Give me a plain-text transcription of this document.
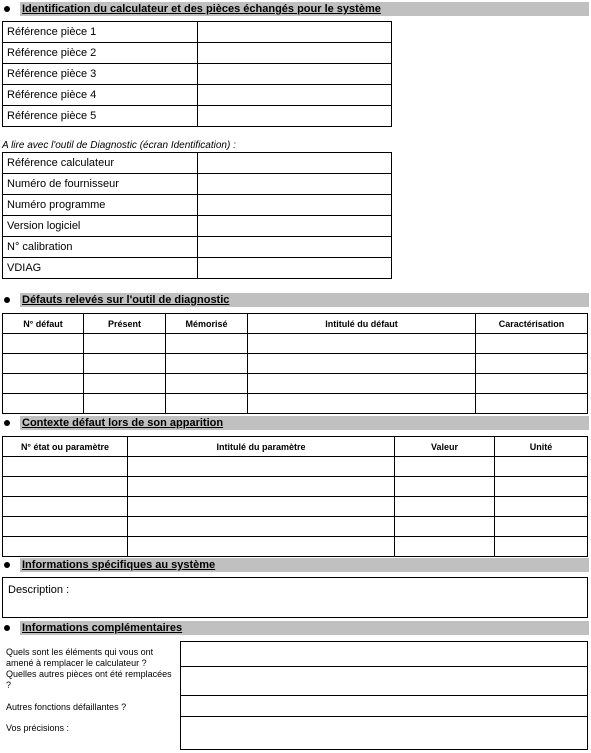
Identification du calculateur et des pièces échangés pour le système
Référence pièce 1	
Référence pièce 2	
Référence pièce 3	
Référence pièce 4	
Référence pièce 5	
A lire avec l'outil de Diagnostic (écran Identification) :
Référence calculateur	
Numéro de fournisseur	
Numéro programme	
Version logiciel	
N° calibration	
VDIAG	
Défauts relevés sur l'outil de diagnostic
N° défaut	Présent	Mémorisé	Intitulé du défaut	Caractérisation

Contexte défaut lors de son apparition
N° état ou paramètre	Intitulé du paramètre	Valeur	Unité

Informations spécifiques au système
Description :
Informations complémentaires
Quels sont les éléments qui vous ont amené à remplacer le calculateur ?
Quelles autres pièces ont été remplacées ?
Autres fonctions défaillantes ?
Vos précisions :
